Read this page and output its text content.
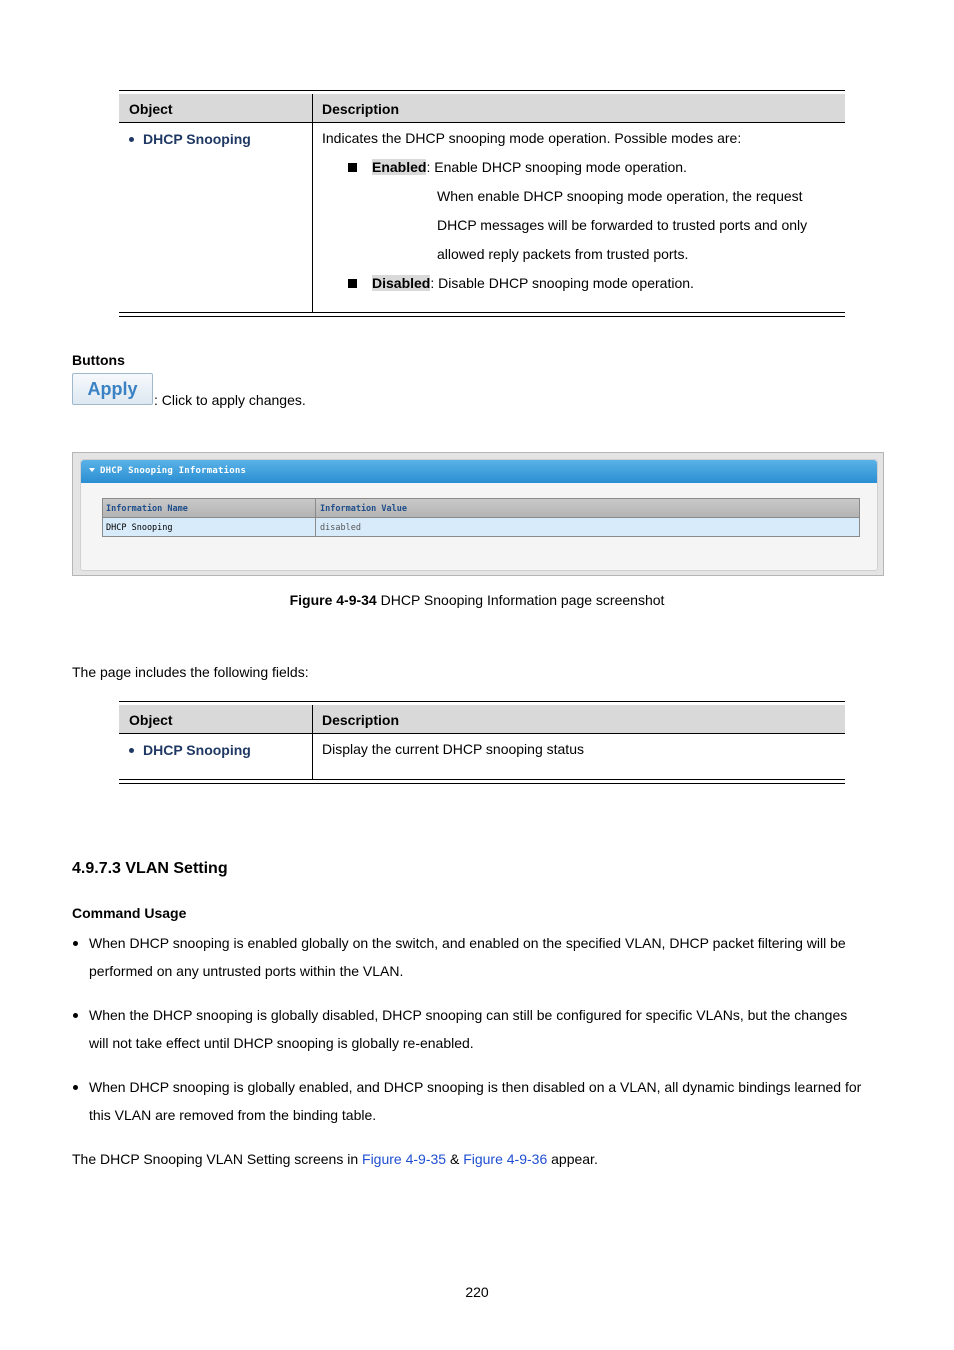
Object	Description
DHCP Snooping	Indicates the DHCP snooping mode operation. Possible modes are:
Enabled: Enable DHCP snooping mode operation.
When enable DHCP snooping mode operation, the request
DHCP messages will be forwarded to trusted ports and only
allowed reply packets from trusted ports.
Disabled: Disable DHCP snooping mode operation.
Buttons
Apply
: Click to apply changes.
DHCP Snooping Informations
Information Name	Information Value
DHCP Snooping	disabled
Figure 4-9-34 DHCP Snooping Information page screenshot
The page includes the following fields:
Object	Description
DHCP Snooping	Display the current DHCP snooping status
4.9.7.3 VLAN Setting
Command Usage
When DHCP snooping is enabled globally on the switch, and enabled on the specified VLAN, DHCP packet filtering will be
performed on any untrusted ports within the VLAN.
When the DHCP snooping is globally disabled, DHCP snooping can still be configured for specific VLANs, but the changes
will not take effect until DHCP snooping is globally re-enabled.
When DHCP snooping is globally enabled, and DHCP snooping is then disabled on a VLAN, all dynamic bindings learned for
this VLAN are removed from the binding table.
The DHCP Snooping VLAN Setting screens in Figure 4-9-35 & Figure 4-9-36 appear.
220
